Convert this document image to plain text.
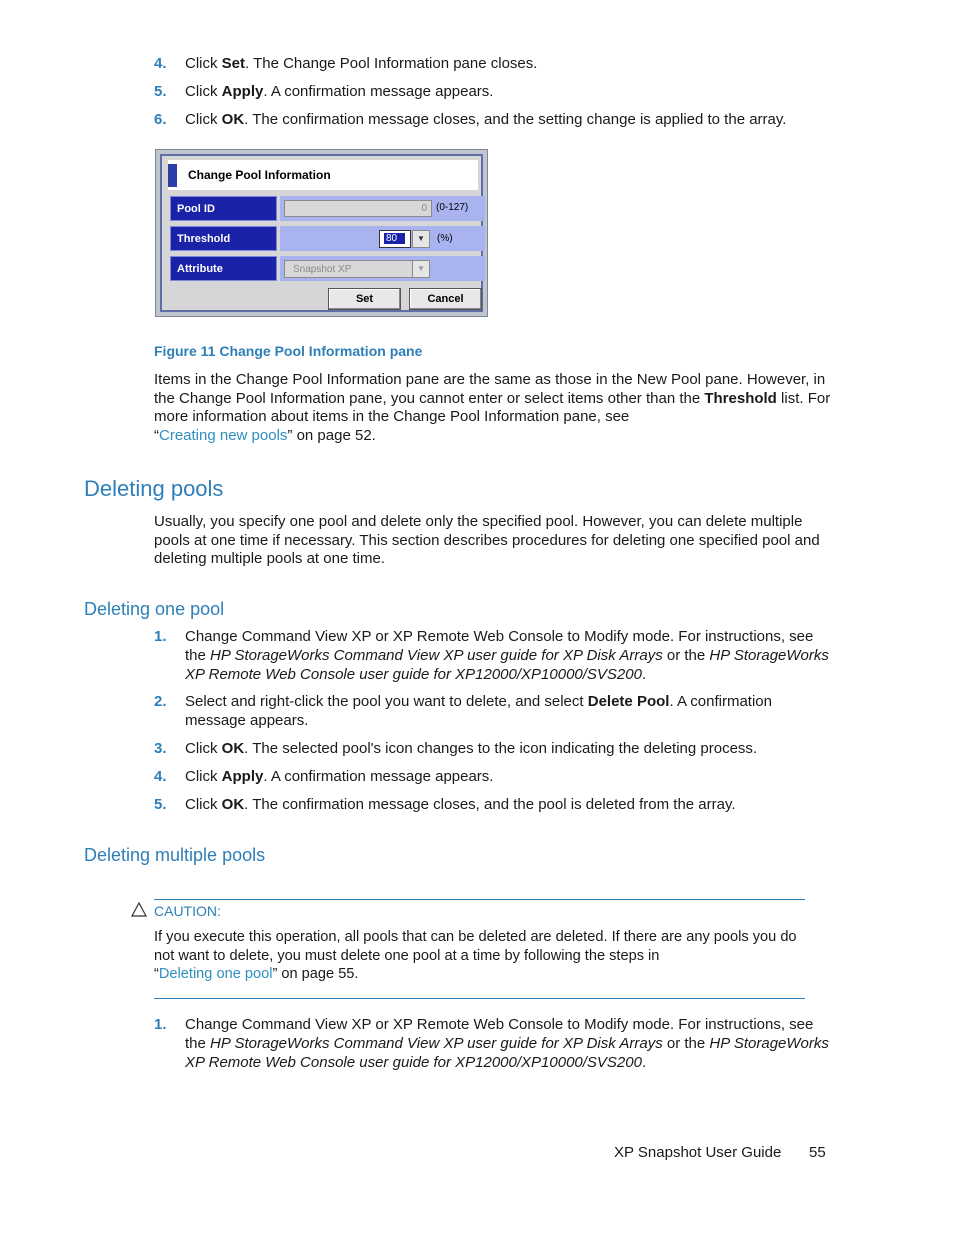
4. Click Set. The Change Pool Information pane closes.
5. Click Apply. A confirmation message appears.
6. Click OK. The confirmation message closes, and the setting change is applied to the array.
Change Pool Information
Pool ID	0 (0-127)
Threshold	80	▼	(%)
Attribute	Snapshot XP	▼
Set	Cancel
Figure 11 Change Pool Information pane
Items in the Change Pool Information pane are the same as those in the New Pool pane. However, in the Change Pool Information pane, you cannot enter or select items other than the Threshold list. For more information about items in the Change Pool Information pane, see
“Creating new pools” on page 52.
Deleting pools
Usually, you specify one pool and delete only the specified pool. However, you can delete multiple pools at one time if necessary. This section describes procedures for deleting one specified pool and deleting multiple pools at one time.
Deleting one pool
1. Change Command View XP or XP Remote Web Console to Modify mode. For instructions, see the HP StorageWorks Command View XP user guide for XP Disk Arrays or the HP StorageWorks XP Remote Web Console user guide for XP12000/XP10000/SVS200.
2. Select and right-click the pool you want to delete, and select Delete Pool. A confirmation message appears.
3. Click OK. The selected pool's icon changes to the icon indicating the deleting process.
4. Click Apply. A confirmation message appears.
5. Click OK. The confirmation message closes, and the pool is deleted from the array.
Deleting multiple pools
CAUTION:
If you execute this operation, all pools that can be deleted are deleted. If there are any pools you do not want to delete, you must delete one pool at a time by following the steps in
“Deleting one pool” on page 55.
1. Change Command View XP or XP Remote Web Console to Modify mode. For instructions, see the HP StorageWorks Command View XP user guide for XP Disk Arrays or the HP StorageWorks XP Remote Web Console user guide for XP12000/XP10000/SVS200.
XP Snapshot User Guide 55
